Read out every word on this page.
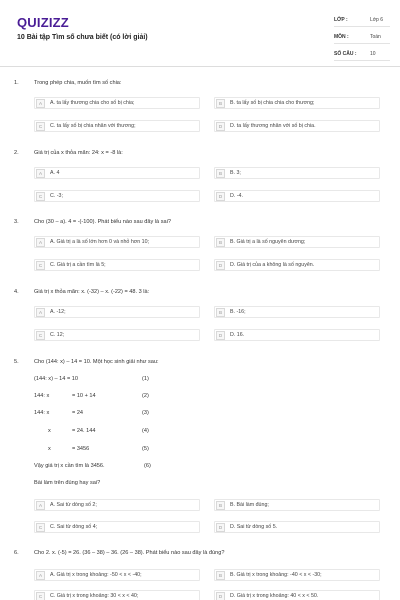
QUIZIZZ
10 Bài tập Tìm số chưa biết (có lời giải)
LỚP :	Lớp 6
MÔN :	Toán
SỐ CÂU :	10
1.	Trong phép chia, muốn tìm số chia:
A	A. ta lấy thương chia cho số bị chia;	B	B. ta lấy số bị chia chia cho thương;
C	C. ta lấy số bị chia nhân với thương;	D	D. ta lấy thương nhân với số bị chia.
2.	Giá trị của x thỏa mãn: 24: x = -8 là:
A	A. 4	B	B. 3;
C	C. -3;	D	D. -4.
3.	Cho (30 – a). 4 = -(-100). Phát biểu nào sau đây là sai?
A	A. Giá trị a là số lớn hơn 0 và nhỏ hơn 10;	B	B. Giá trị a là số nguyên dương;
C	C. Giá trị a cần tìm là 5;	D	D. Giá trị của a không là số nguyên.
4.	Giá trị x thỏa mãn: x. (-32) – x. (-22) = 48. 3 là:
A	A. -12;	B	B. -16;
C	C. 12;	D	D. 16.
5.	Cho (144: x) – 14 = 10. Một học sinh giải như sau:
(144: x) – 14 = 10	(1)
144: x	= 10 + 14	(2)
144: x	= 24	(3)
x	= 24. 144	(4)
x	= 3456	(5)
Vậy giá trị x cần tìm là 3456.	(6)
Bài làm trên đúng hay sai?
A	A. Sai từ dòng số 2;	B	B. Bài làm đúng;
C	C. Sai từ dòng số 4;	D	D. Sai từ dòng số 5.
6.	Cho 2. x. (-5) = 26. (36 – 38) – 36. (26 – 38). Phát biểu nào sau đây là đúng?
A	A. Giá trị x trong khoảng: -50 < x < -40;	B	B. Giá trị x trong khoảng: -40 < x < -30;
C	C. Giá trị x trong khoảng: 30 < x < 40;	D	D. Giá trị x trong khoảng: 40 < x < 50.
